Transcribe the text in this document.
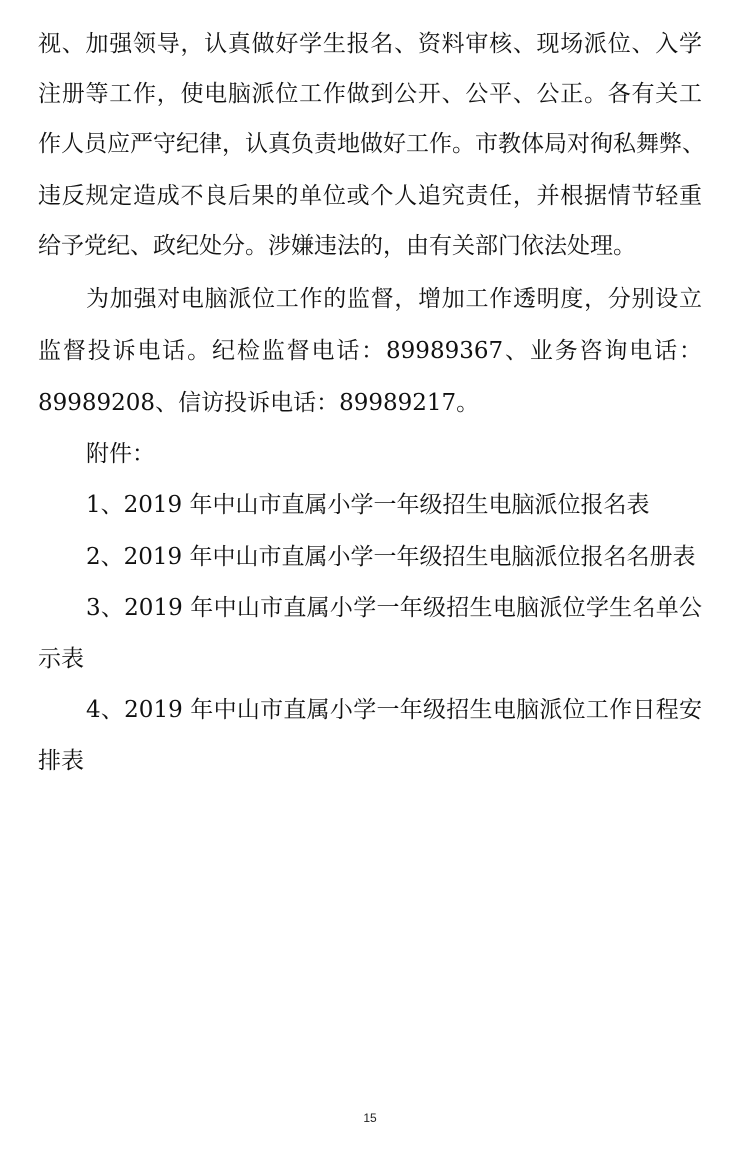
视、加强领导，认真做好学生报名、资料审核、现场派位、入学
注册等工作，使电脑派位工作做到公开、公平、公正。各有关工
作人员应严守纪律，认真负责地做好工作。市教体局对徇私舞弊、
违反规定造成不良后果的单位或个人追究责任，并根据情节轻重
给予党纪、政纪处分。涉嫌违法的，由有关部门依法处理。
为加强对电脑派位工作的监督，增加工作透明度，分别设立
监督投诉电话。纪检监督电话：89989367、业务咨询电话：
89989208、信访投诉电话：89989217。
附件：
1、2019 年中山市直属小学一年级招生电脑派位报名表
2、2019 年中山市直属小学一年级招生电脑派位报名名册表
3、2019 年中山市直属小学一年级招生电脑派位学生名单公
示表
4、2019 年中山市直属小学一年级招生电脑派位工作日程安
排表
15
